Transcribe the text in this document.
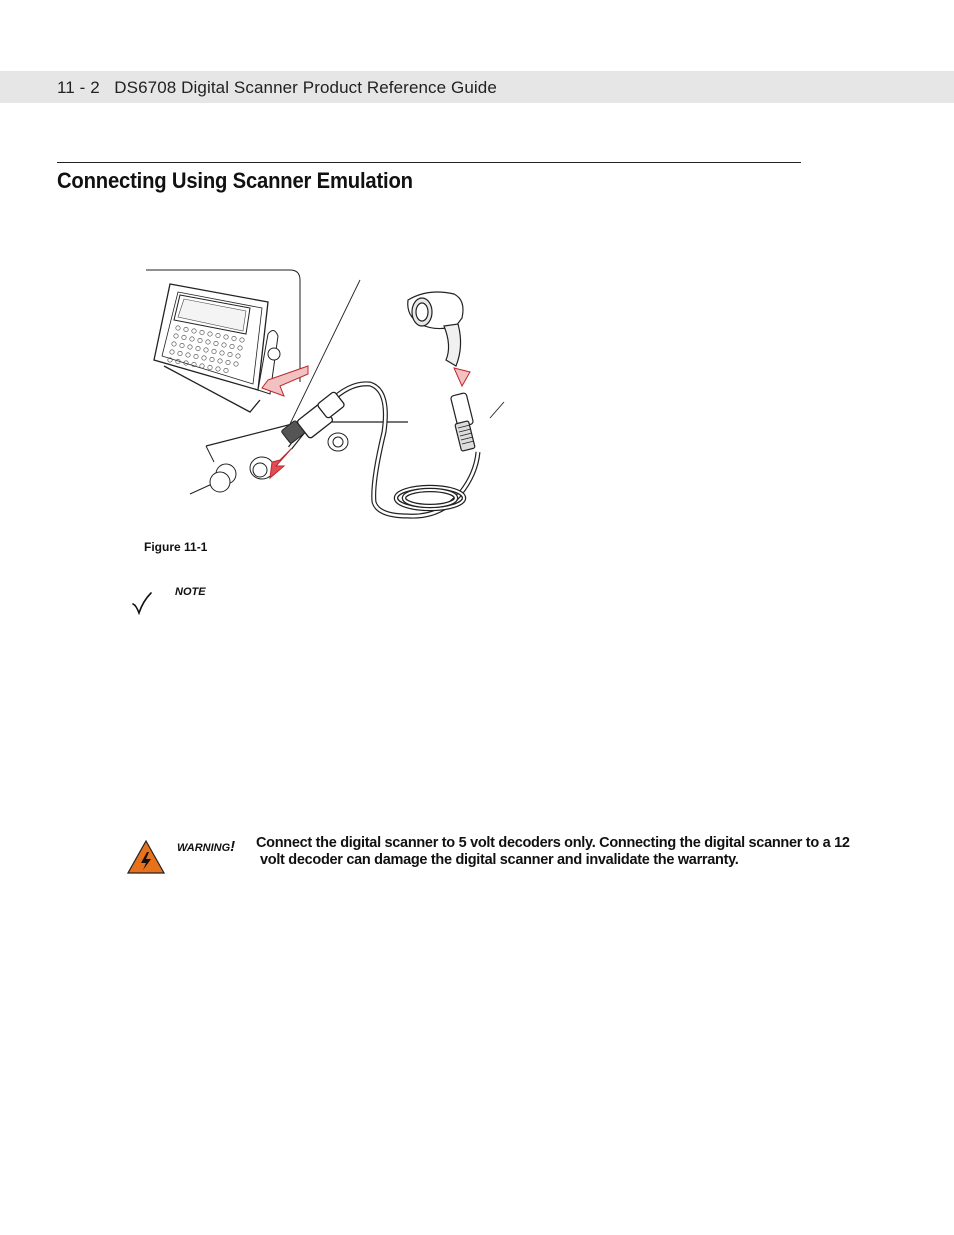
11 - 2 DS6708 Digital Scanner Product Reference Guide
Connecting Using Scanner Emulation
Figure 11-1
NOTE
WARNING! Connect the digital scanner to 5 volt decoders only. Connecting the digital scanner to a 12
volt decoder can damage the digital scanner and invalidate the warranty.
